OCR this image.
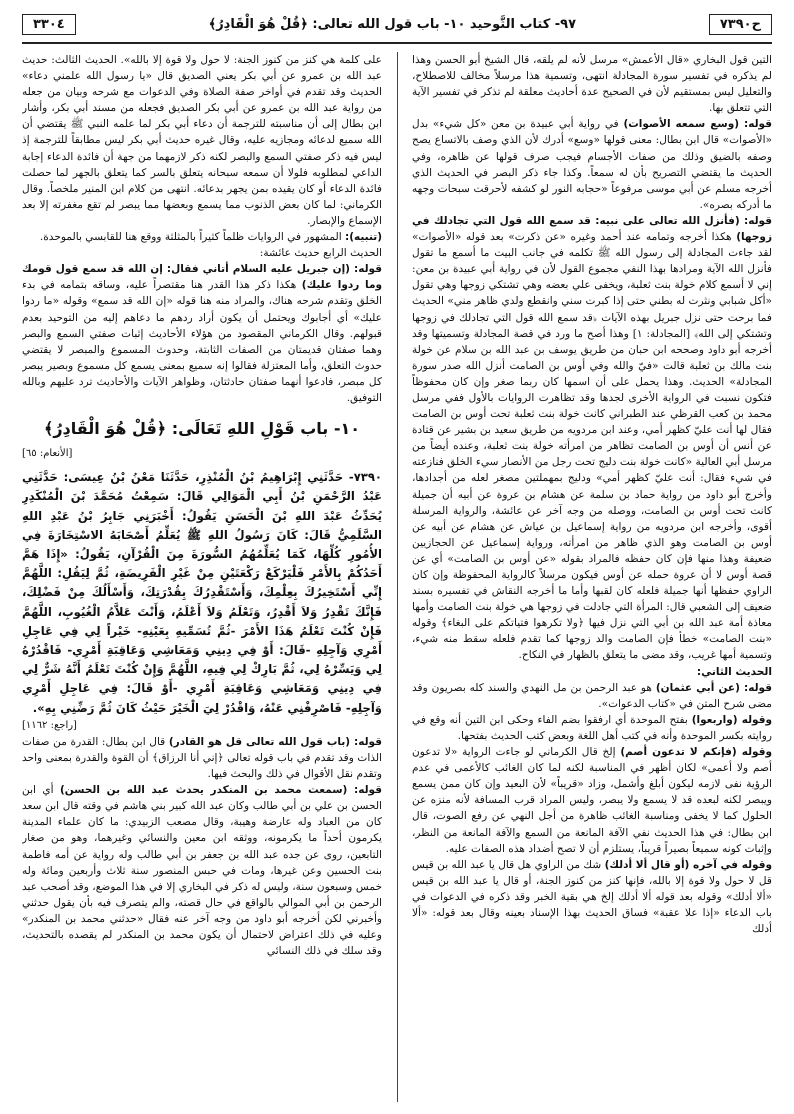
ح٧٣٩٠
٩٧- كتاب التَّوحيد ١٠- باب قول الله تعالى: ﴿قُلْ هُوَ الْقَادِرُ﴾
٣٣٠٤

التين قول البخاري «قال الأعمش» مرسل لأنه لم يلقه، قال الشيخ أبو الحسن وهذا لم يذكره في تفسير سورة المجادلة انتهى، وتسمية هذا مرسلاً مخالف للاصطلاح، والتعليل ليس بمستقيم لأن في الصحيح عدة أحاديث معلقة لم تذكر في تفسير الآية التي تتعلق بها.

قوله: (وسع سمعه الأصوات) في رواية أبي عبيدة بن معن «كل شيء» بدل «الأصوات» قال ابن بطال: معنى قولها «وسع» أدرك لأن الذي وصف بالاتساع يصح وصفه بالضيق وذلك من صفات الأجسام فيجب صرف قولها عن ظاهره، وفي الحديث ما يقتضي التصريح بأن له سمعاً. وكذا جاء ذكر البصر في الحديث الذي أخرجه مسلم عن أبي موسى مرفوعاً «حجابه النور لو كشفه لأحرقت سبحات وجهه ما أدركه بصره».

قوله: (فأنزل الله تعالى على نبيه: قد سمع الله قول التي تجادلك في زوجها) هكذا أخرجه وتمامه عند أحمد وغيره «عن ذكرت» بعد قوله «الأصوات» لقد جاءت المجادلة إلى رسول الله ﷺ تكلمه في جانب البيت ما أسمع ما تقول فأنزل الله الآية ومرادها بهذا النفي مجموع القول لأن في رواية أبي عبيدة بن معن: إني لا أسمع كلام خولة بنت ثعلبة، ويخفى علي بعضه وهي تشتكي زوجها وهي تقول «أكل شبابي ونثرت له بطني حتى إذا كبرت سني وانقطع ولدي ظاهر مني» الحديث فما برحت حتى نزل جبريل بهذه الآيات ﴿قد سمع الله قول التي تجادلك في زوجها وتشتكي إلى الله﴾ [المجادلة: ١] وهذا أصح ما ورد في قصة المجادلة وتسميتها وقد أخرجه أبو داود وصححه ابن حبان من طريق يوسف بن عبد الله بن سلام عن خولة بنت مالك بن ثعلبة قالت «فيّ والله وفي أوس بن الصامت أنزل الله صدر سورة المجادلة» الحديث. وهذا يحمل على أن اسمها كان ربما صغر وإن كان محفوظاً فتكون نسبت في الرواية الأخرى لجدها وقد تظاهرت الروايات بالأول ففي مرسل محمد بن كعب القرظي عند الطبراني كانت خولة بنت ثعلبة تحت أوس بن الصامت فقال لها أنت عليّ كظهر أمي، وعند ابن مردويه من طريق سعيد بن بشير عن قتادة عن أنس أن أوس بن الصامت تظاهر من امرأته خولة بنت ثعلبة، وعنده أيضاً من مرسل أبي العالية «كانت خولة بنت دليج تحت رجل من الأنصار سيء الخلق فنازعته في شيء فقال: أنت عليّ كظهر أمي» ودليج بمهملتين مصغر لعله من أجدادها، وأخرج أبو داود من رواية حماد بن سلمة عن هشام بن عروة عن أبيه أن جميلة كانت تحت أوس بن الصامت، ووصله من وجه آخر عن عائشة، والرواية المرسلة أقوى، وأخرجه ابن مردويه من رواية إسماعيل بن عياش عن هشام عن أبيه عن أوس بن الصامت وهو الذي ظاهر من امرأته، ورواية إسماعيل عن الحجازيين ضعيفة وهذا منها فإن كان حفظه فالمراد بقوله «عن أوس بن الصامت» أي عن قصة أوس لا أن عروة حمله عن أوس فيكون مرسلاً كالرواية المحفوظة وإن كان الراوي حفظها أنها جميلة فلعله كان لقبها وأما ما أخرجه النقاش في تفسيره بسند ضعيف إلى الشعبي قال: المرأة التي جادلت في زوجها هي خولة بنت الصامت وأمها معاذة أمة عبد الله بن أبي التي نزل فيها ﴿ولا تكرهوا فتياتكم على البغاء﴾ وقوله «بنت الصامت» خطأ فإن الصامت والد زوجها كما تقدم فلعله سقط منه شيء، وتسمية أمها غريب، وقد مضى ما يتعلق بالظهار في النكاح.

الحديث الثاني:

قوله: (عن أبي عثمان) هو عبد الرحمن بن مل النهدي والسند كله بصريون وقد مضى شرح المتن في «كتاب الدعوات».

وقوله (واربعوا) بفتح الموحدة أي ارفقوا بضم الفاء وحكى ابن التين أنه وقع في روايته بكسر الموحدة وأنه في كتب أهل اللغة وبعض كتب الحديث بفتحها.

وقوله (فإنكم لا تدعون أصم) إلخ قال الكرماني لو جاءت الرواية «لا تدعون أصم ولا أعمى» لكان أظهر في المناسبة لكنه لما كان الغائب كالأعمى في عدم الرؤية نفى لازمه ليكون أبلغ وأشمل، وزاد «قريباً» لأن البعيد وإن كان ممن يسمع ويبصر لكنه لبعده قد لا يسمع ولا يبصر، وليس المراد قرب المسافة لأنه منزه عن الحلول كما لا يخفى ومناسبة الغائب ظاهرة من أجل النهي عن رفع الصوت، قال ابن بطال: في هذا الحديث نفي الآفة المانعة من السمع والآفة المانعة من النظر، وإثبات كونه سميعاً بصيراً قريباً، يستلزم أن لا تصح أضداد هذه الصفات عليه.

وقوله في آخره (أو قال ألا أدلك) شك من الراوي هل قال يا عبد الله بن قيس قل لا حول ولا قوة إلا بالله، فإنها كنز من كنوز الجنة، أو قال يا عبد الله بن قيس «ألا أدلك» وقوله بعد قوله ألا أدلك إلخ هي بقية الخبر وقد ذكره في الدعوات في باب الدعاء «إذا علا عقبة» فساق الحديث بهذا الإسناد بعينه وقال بعد قوله: «ألا أدلك

على كلمة هي كنز من كنوز الجنة: لا حول ولا قوة إلا بالله». الحديث الثالث: حديث عبد الله بن عمرو عن أبي بكر يعني الصديق قال «يا رسول الله علمني دعاء» الحديث وقد تقدم في أواخر صفة الصلاة وفي الدعوات مع شرحه وبيان من جعله من رواية عبد الله بن عمرو عن أبي بكر الصديق فجعله من مسند أبي بكر، وأشار ابن بطال إلى أن مناسبته للترجمة أن دعاء أبي بكر لما علمه النبي ﷺ يقتضي أن الله سميع لدعائه ومجازيه عليه، وقال غيره حديث أبي بكر ليس مطابقاً للترجمة إذ ليس فيه ذكر صفتي السمع والبصر لكنه ذكر لازمهما من جهة أن فائدة الدعاء إجابة الداعي لمطلوبه فلولا أن سمعه سبحانه يتعلق بالسر كما يتعلق بالجهر لما حصلت فائدة الدعاء أو كان يقيده بمن يجهر بدعائه. انتهى من كلام ابن المنير ملخصاً. وقال الكرماني: لما كان بعض الذنوب مما يسمع وبعضها مما يبصر لم تقع مغفرته إلا بعد الإسماع والإبصار.

(تنبيه): المشهور في الروايات ظلماً كثيراً بالمثلثة ووقع هنا للقابسي بالموحدة.

الحديث الرابع حديث عائشة:

قوله: (إن جبريل عليه السلام أتاني فقال: إن الله قد سمع قول قومك وما ردوا عليك) هكذا ذكر هذا القدر هنا مقتصراً عليه، وساقه بتمامه في بدء الخلق وتقدم شرحه هناك، والمراد منه هنا قوله «إن الله قد سمع» وقوله «ما ردوا عليك» أي أجابوك ويحتمل أن يكون أراد ردهم ما دعاهم إليه من التوحيد بعدم قبولهم. وقال الكرماني المقصود من هؤلاء الأحاديث إثبات صفتي السمع والبصر وهما صفتان قديمتان من الصفات الثابتة، وحدوث المسموع والمبصر لا يقتضي حدوث التعلق، وأما المعتزلة فقالوا إنه سميع بمعنى يسمع كل مسموع وبصير يبصر كل مبصر، فادعوا أنهما صفتان حادثتان، وظواهر الآيات والأحاديث ترد عليهم وبالله التوفيق.

١٠- باب قَوْلِ اللهِ تَعَالَى: ﴿قُلْ هُوَ الْقَادِرُ﴾

[الأنعام: ٦٥]

٧٣٩٠- حَدَّثَنِي إِبْرَاهِيمُ بْنُ الْمُنْذِرِ، حَدَّثَنَا مَعْنُ بْنُ عِيسَى: حَدَّثَنِي عَبْدُ الرَّحْمَنِ بْنُ أَبِي الْمَوَالِي قَالَ: سَمِعْتُ مُحَمَّدَ بْنَ الْمُنْكَدِرِ يُحَدِّثُ عَبْدَ اللهِ بْنَ الْحَسَنِ يَقُولُ: أَخْبَرَنِي جَابِرُ بْنُ عَبْدِ اللهِ السَّلَمِيُّ قَالَ: كَانَ رَسُولُ اللهِ ﷺ يُعَلِّمُ أَصْحَابَهُ الاسْتِخَارَةَ فِي الأُمُورِ كُلِّهَا، كَمَا يُعَلِّمُهُمُ السُّورَةَ مِنَ الْقُرْآنِ، يَقُولُ: «إِذَا هَمَّ أَحَدُكُمْ بِالأَمْرِ فَلْيَرْكَعْ رَكْعَتَيْنِ مِنْ غَيْرِ الْفَرِيضَةِ، ثُمَّ لِيَقُلِ: اللَّهُمَّ إِنِّي أَسْتَخِيرُكَ بِعِلْمِكَ، وَأَسْتَقْدِرُكَ بِقُدْرَتِكَ، وَأَسْأَلُكَ مِنْ فَضْلِكَ، فَإِنَّكَ تَقْدِرُ وَلاَ أَقْدِرُ، وَتَعْلَمُ وَلاَ أَعْلَمُ، وَأَنْتَ عَلاَّمُ الْغُيُوبِ، اللَّهُمَّ فَإِنْ كُنْتَ تَعْلَمُ هَذَا الأَمْرَ -ثُمَّ تُسَمِّيهِ بِعَيْنِهِ- خَيْراً لِي فِي عَاجِلِ أَمْرِي وَآجِلِهِ -قَالَ: أَوْ فِي دِينِي وَمَعَاشِي وَعَاقِبَةِ أَمْرِي- فَاقْدُرْهُ لِي وَيَسِّرْهُ لِي، ثُمَّ بَارِكْ لِي فِيهِ، اللَّهُمَّ وَإِنْ كُنْتَ تَعْلَمُ أَنَّهُ شَرٌّ لِي فِي دِينِي وَمَعَاشِي وَعَاقِبَةِ أَمْرِي -أَوْ قَالَ: فِي عَاجِلِ أَمْرِي وَآجِلِهِ- فَاصْرِفْنِي عَنْهُ، وَاقْدُرْ لِيَ الْخَيْرَ حَيْثُ كَانَ ثُمَّ رَضِّنِي بِهِ».

[راجع: ١١٦٢]

قوله: (باب قول الله تعالى قل هو القادر) قال ابن بطال: القدرة من صفات الذات وقد تقدم في باب قوله تعالى ﴿إني أنا الرزاق﴾ أن القوة والقدرة بمعنى واحد وتقدم نقل الأقوال في ذلك والبحث فيها.

قوله: (سمعت محمد بن المنكدر يحدث عبد الله بن الحسن) أي ابن الحسن بن علي بن أبي طالب وكان عبد الله كبير بني هاشم في وقته قال ابن سعد كان من العباد وله عارضة وهيبة، وقال مصعب الزبيدي: ما كان علماء المدينة يكرمون أحداً ما يكرمونه، ووثقه ابن معين والنسائي وغيرهما، وهو من صغار التابعين، روى عن جده عبد الله بن جعفر بن أبي طالب وله رواية عن أمه فاطمة بنت الحسين وعن غيرها، ومات في حبس المنصور سنة ثلاث وأربعين ومائة وله خمس وسبعون سنة، وليس له ذكر في البخاري إلا في هذا الموضع، وقد أصحب عبد الرحمن بن أبي الموالي بالواقع في حال قصته، والم يتصرف فيه بأن يقول حدثني وأخبرني لكن أخرجه أبو داود من وجه آخر عنه فقال «حدثني محمد بن المنكدر» وعليه في ذلك اعتراض لاحتمال أن يكون محمد بن المنكدر لم يقصده بالتحديث، وقد سلك في ذلك النسائي
